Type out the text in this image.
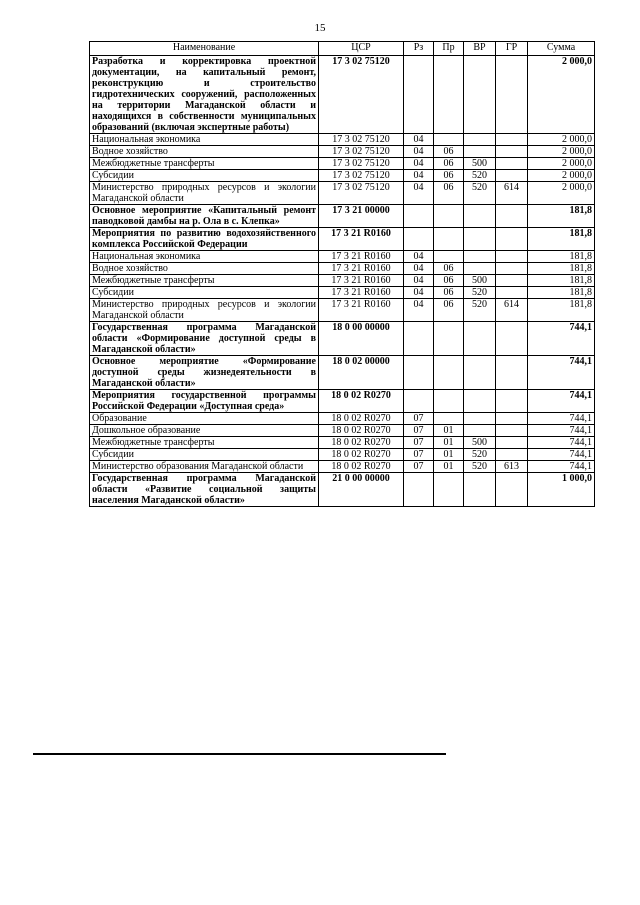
15
Наименование	ЦСР	Рз	Пр	ВР	ГР	Сумма
Разработка и корректировка проектной документации, на капитальный ремонт, реконструкцию и строительство гидротехнических сооружений, расположенных на территории Магаданской области и находящихся в собственности муниципальных образований (включая экспертные работы)	17 3 02 75120					2 000,0
Национальная экономика	17 3 02 75120	04				2 000,0
Водное хозяйство	17 3 02 75120	04	06			2 000,0
Межбюджетные трансферты	17 3 02 75120	04	06	500		2 000,0
Субсидии	17 3 02 75120	04	06	520		2 000,0
Министерство природных ресурсов и экологии Магаданской области	17 3 02 75120	04	06	520	614	2 000,0
Основное мероприятие «Капитальный ремонт паводковой дамбы на р. Ола в с. Клепка»	17 3 21 00000					181,8
Мероприятия по развитию водохозяйственного комплекса Российской Федерации	17 3 21 R0160					181,8
Национальная экономика	17 3 21 R0160	04				181,8
Водное хозяйство	17 3 21 R0160	04	06			181,8
Межбюджетные трансферты	17 3 21 R0160	04	06	500		181,8
Субсидии	17 3 21 R0160	04	06	520		181,8
Министерство природных ресурсов и экологии Магаданской области	17 3 21 R0160	04	06	520	614	181,8
Государственная программа Магаданской области «Формирование доступной среды в Магаданской области»	18 0 00 00000					744,1
Основное мероприятие «Формирование доступной среды жизнедеятельности в Магаданской области»	18 0 02 00000					744,1
Мероприятия государственной программы Российской Федерации «Доступная среда»	18 0 02 R0270					744,1
Образование	18 0 02 R0270	07				744,1
Дошкольное образование	18 0 02 R0270	07	01			744,1
Межбюджетные трансферты	18 0 02 R0270	07	01	500		744,1
Субсидии	18 0 02 R0270	07	01	520		744,1
Министерство образования Магаданской области	18 0 02 R0270	07	01	520	613	744,1
Государственная программа Магаданской области «Развитие социальной защиты населения Магаданской области»	21 0 00 00000					1 000,0
